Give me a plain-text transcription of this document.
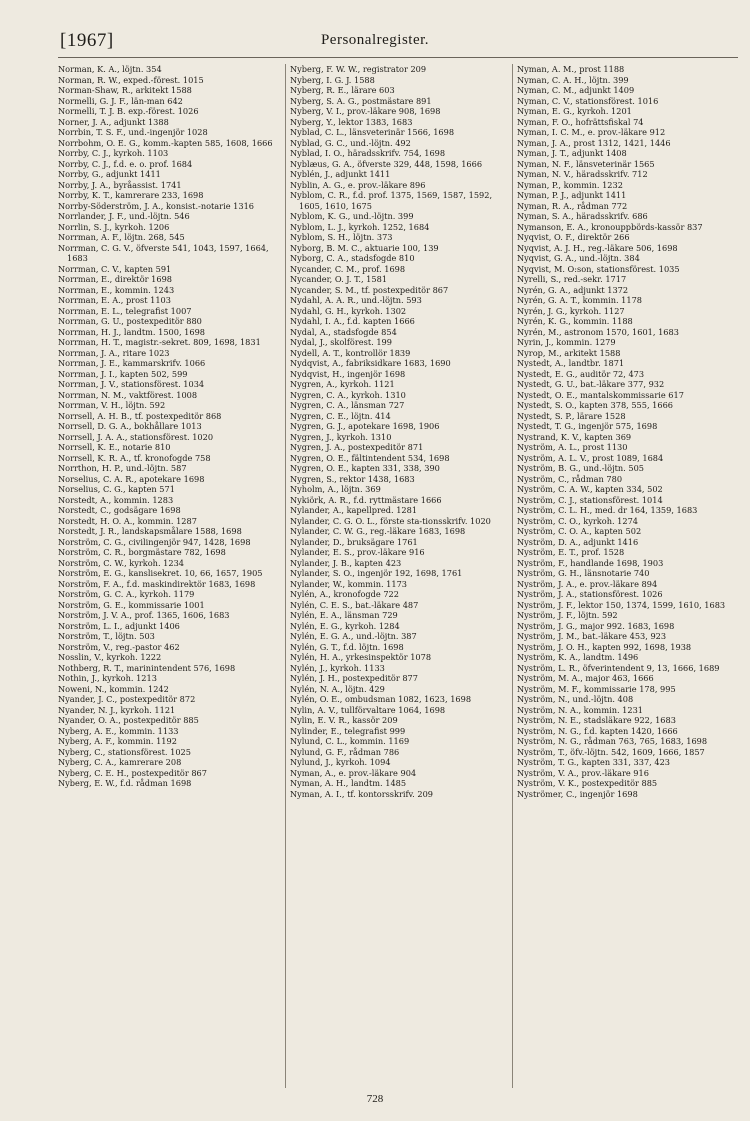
[1967]	Personalregister.
Norman, K. A., löjtn. 354
Norman, R. W., exped.-förest. 1015
Norman-Shaw, R., arkitekt 1588
Normelli, G. J. F., län-man 642
Normelli, T. J. B. exp.-förest. 1026
Norner, J. A., adjunkt 1388
Norrbin, T. S. F., und.-ingenjör 1028
Norrbohm, O. E. G., komm.-kapten 585, 1608, 1666
Norrby, C. J., kyrkoh. 1103
Norrby, C. J., f.d. e. o. prof. 1684
Norrby, G., adjunkt 1411
Norrby, J. A., byråassist. 1741
Norrby, K. T., kamrerare 233, 1698
Norrby-Söderström, J. A., konsist.-notarie 1316
Norrlander, J. F., und.-löjtn. 546
Norrlin, S. J., kyrkoh. 1206
Norrman, A. F., löjtn. 268, 545
Norrman, C. G. V., öfverste 541, 1043, 1597, 1664, 1683
Norrman, C. V., kapten 591
Norrman, E., direktör 1698
Norrman, E., kommin. 1243
Norrman, E. A., prost 1103
Norrman, E. L., telegrafist 1007
Norrman, G. U., postexpeditör 880
Norrman, H. J., landtm. 1500, 1698
Norrman, H. T., magistr.-sekret. 809, 1698, 1831
Norrman, J. A., ritare 1023
Norrman, J. E., kammarskrifv. 1066
Norrman, J. I., kapten 502, 599
Norrman, J. V., stationsförest. 1034
Norrman, N. M., vaktförest. 1008
Norrman, V. H., löjtn. 592
Norrsell, A. H. B., tf. postexpeditör 868
Norrsell, D. G. A., bokhållare 1013
Norrsell, J. A. A., stationsförest. 1020
Norrsell, K. E., notarie 810
Norrsell, K. R. A., tf. kronofogde 758
Norrthon, H. P., und.-löjtn. 587
Norselius, C. A. R., apotekare 1698
Norselius, C. G., kapten 571
Norstedt, A., kommin. 1283
Norstedt, C., godsägare 1698
Norstedt, H. O. A., kommin. 1287
Norstedt, J. R., landskapsmålare 1588, 1698
Norström, C. G., civilingenjör 947, 1428, 1698
Norström, C. R., borgmästare 782, 1698
Norström, C. W., kyrkoh. 1234
Norström, E. G., kanslisekret. 10, 66, 1657, 1905
Norström, F. A., f.d. maskindirektör 1683, 1698
Norström, G. C. A., kyrkoh. 1179
Norström, G. E., kommissarie 1001
Norström, J. V. A., prof. 1365, 1606, 1683
Norström, L. I., adjunkt 1406
Norström, T., löjtn. 503
Norström, V., reg.-pastor 462
Nosslin, V., kyrkoh. 1222
Nothberg, R. T., marinintendent 576, 1698
Nothin, J., kyrkoh. 1213
Noweni, N., kommin. 1242
Nyander, J. C., postexpeditör 872
Nyander, N. J., kyrkoh. 1121
Nyander, O. A., postexpeditör 885
Nyberg, A. E., kommin. 1133
Nyberg, A. F., kommin. 1192
Nyberg, C., stationsförest. 1025
Nyberg, C. A., kamrerare 208
Nyberg, C. E. H., postexpeditör 867
Nyberg, E. W., f.d. rådman 1698
Nyberg, F. W. W., registrator 209
Nyberg, I. G. J. 1588
Nyberg, R. E., lärare 603
Nyberg, S. A. G., postmästare 891
Nyberg, V. I., prov.-läkare 908, 1698
Nyberg, Y., lektor 1383, 1683
Nyblad, C. L., länsveterinär 1566, 1698
Nyblad, G. C., und.-löjtn. 492
Nyblad, I. O., häradsskrifv. 754, 1698
Nyblæus, G. A., öfverste 329, 448, 1598, 1666
Nyblén, J., adjunkt 1411
Nyblin, A. G., e. prov.-läkare 896
Nyblom, C. R., f.d. prof. 1375, 1569, 1587, 1592, 1605, 1610, 1675
Nyblom, K. G., und.-löjtn. 399
Nyblom, L. J., kyrkoh. 1252, 1684
Nyblom, S. H., löjtn. 373
Nyborg, B. M. C., aktuarie 100, 139
Nyborg, C. A., stadsfogde 810
Nycander, C. M., prof. 1698
Nycander, O. J. T., 1581
Nycander, S. M., tf. postexpeditör 867
Nydahl, A. A. R., und.-löjtn. 593
Nydahl, G. H., kyrkoh. 1302
Nydahl, I. A., f.d. kapten 1666
Nydal, A., stadsfogde 854
Nydal, J., skolförest. 199
Nydell, A. T., kontrollör 1839
Nydqvist, A., fabriksidkare 1683, 1690
Nydqvist, H., ingenjör 1698
Nygren, A., kyrkoh. 1121
Nygren, C. A., kyrkoh. 1310
Nygren, C. A., länsman 727
Nygren, C. E., löjtn. 414
Nygren, G. J., apotekare 1698, 1906
Nygren, J., kyrkoh. 1310
Nygren, J. A., postexpeditör 871
Nygren, O. E., fältintendent 534, 1698
Nygren, O. E., kapten 331, 338, 390
Nygren, S., rektor 1438, 1683
Nyholm, A., löjtn. 369
Nykiörk, A. R., f.d. ryttmästare 1666
Nylander, A., kapellpred. 1281
Nylander, C. G. O. L., förste sta-tionsskrifv. 1020
Nylander, C. W. G., reg.-läkare 1683, 1698
Nylander, D., bruksägare 1761
Nylander, E. S., prov.-läkare 916
Nylander, J. B., kapten 423
Nylander, S. O., ingenjör 192, 1698, 1761
Nylander, W., kommin. 1173
Nylén, A., kronofogde 722
Nylén, C. E. S., bat.-läkare 487
Nylén, E. A., länsman 729
Nylén, E. G., kyrkoh. 1284
Nylén, E. G. A., und.-löjtn. 387
Nylén, G. T., f.d. löjtn. 1698
Nylén, H. A., yrkesinspektör 1078
Nylén, J., kyrkoh. 1133
Nylén, J. H., postexpeditör 877
Nylén, N. A., löjtn. 429
Nylén, O. E., ombudsman 1082, 1623, 1698
Nylin, A. V., tullförvaltare 1064, 1698
Nylin, E. V. R., kassör 209
Nylinder, E., telegrafist 999
Nylund, C. L., kommin. 1169
Nylund, G. F., rådman 786
Nylund, J., kyrkoh. 1094
Nyman, A., e. prov.-läkare 904
Nyman, A. H., landtm. 1485
Nyman, A. I., tf. kontorsskrifv. 209
Nyman, A. M., prost 1188
Nyman, C. A. H., löjtn. 399
Nyman, C. M., adjunkt 1409
Nyman, C. V., stationsförest. 1016
Nyman, E. G., kyrkoh. 1201
Nyman, F. O., hofrättsfiskal 74
Nyman, I. C. M., e. prov.-läkare 912
Nyman, J. A., prost 1312, 1421, 1446
Nyman, J. T., adjunkt 1408
Nyman, N. F., länsveterinär 1565
Nyman, N. V., häradsskrifv. 712
Nyman, P., kommin. 1232
Nyman, P. J., adjunkt 1411
Nyman, R. A., rådman 772
Nyman, S. A., häradsskrifv. 686
Nymanson, E. A., kronouppbörds-kassör 837
Nyqvist, O. F., direktör 266
Nyqvist, A. J. H., reg.-läkare 506, 1698
Nyqvist, G. A., und.-löjtn. 384
Nyqvist, M. O:son, stationsförest. 1035
Nyrelli, S., red.-sekr. 1717
Nyrén, G. A., adjunkt 1372
Nyrén, G. A. T., kommin. 1178
Nyrén, J. G., kyrkoh. 1127
Nyrén, K. G., kommin. 1188
Nyrén, M., astronom 1570, 1601, 1683
Nyrin, J., kommin. 1279
Nyrop, M., arkitekt 1588
Nystedt, A., landtbr. 1871
Nystedt, E. G., auditör 72, 473
Nystedt, G. U., bat.-läkare 377, 932
Nystedt, O. E., mantalskommissarie 617
Nystedt, S. O., kapten 378, 555, 1666
Nystedt, S. P., lärare 1528
Nystedt, T. G., ingenjör 575, 1698
Nystrand, K. V., kapten 369
Nyström, A. L., prost 1130
Nyström, A. L. V., prost 1089, 1684
Nyström, B. G., und.-löjtn. 505
Nyström, C., rådman 780
Nyström, C. A. W., kapten 334, 502
Nyström, C. J., stationsförest. 1014
Nyström, C. L. H., med. dr 164, 1359, 1683
Nyström, C. O., kyrkoh. 1274
Nyström, C. O. A., kapten 502
Nyström, D. A., adjunkt 1416
Nyström, E. T., prof. 1528
Nyström, F., handlande 1698, 1903
Nyström, G. H., länsnotarie 740
Nyström, J. A., e. prov.-läkare 894
Nyström, J. A., stationsförest. 1026
Nyström, J. F., lektor 150, 1374, 1599, 1610, 1683
Nyström, J. F., löjtn. 592
Nyström, J. G., major 992. 1683, 1698
Nyström, J. M., bat.-läkare 453, 923
Nyström, J. O. H., kapten 992, 1698, 1938
Nyström, K. A., landtm. 1496
Nyström, L. R., öfverintendent 9, 13, 1666, 1689
Nyström, M. A., major 463, 1666
Nyström, M. F., kommissarie 178, 995
Nyström, N., und.-löjtn. 408
Nyström, N. A., kommin. 1231
Nyström, N. E., stadsläkare 922, 1683
Nyström, N. G., f.d. kapten 1420, 1666
Nyström, N. G., rådman 763, 765, 1683, 1698
Nyström, T., öfv.-löjtn. 542, 1609, 1666, 1857
Nyström, T. G., kapten 331, 337, 423
Nyström, V. A., prov.-läkare 916
Nyström, V. K., postexpeditör 885
Nyströmer, C., ingenjör 1698
728
